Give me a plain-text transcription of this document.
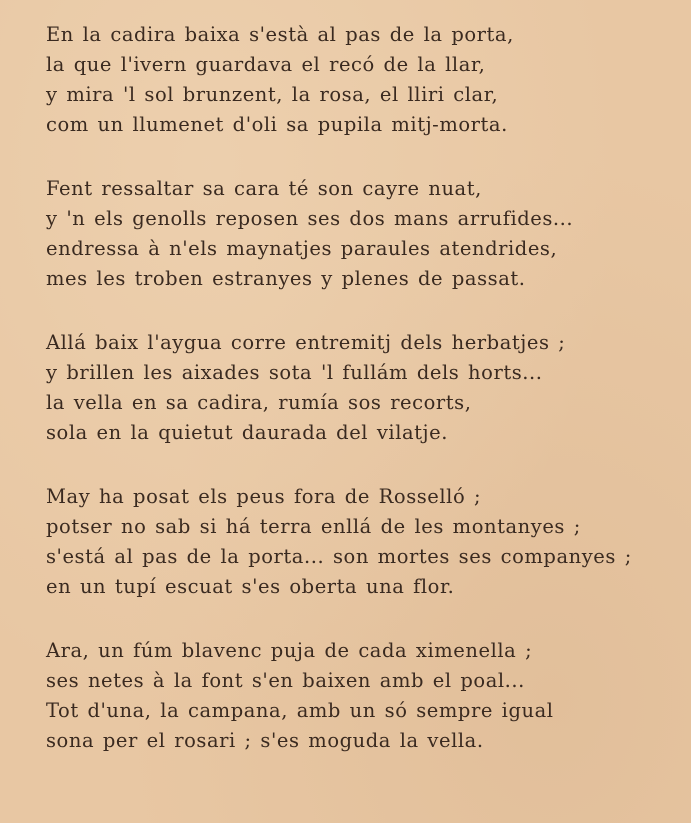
En la cadira baixa s'està al pas de la porta,
la que l'ivern guardava el recó de la llar,
y mira 'l sol brunzent, la rosa, el lliri clar,
com un llumenet d'oli sa pupila mitj-morta.
Fent ressaltar sa cara té son cayre nuat,
y 'n els genolls reposen ses dos mans arrufides...
endressa à n'els maynatjes paraules atendrides,
mes les troben estranyes y plenes de passat.
Allá baix l'aygua corre entremitj dels herbatjes ;
y brillen les aixades sota 'l fullám dels horts...
la vella en sa cadira, rumía sos recorts,
sola en la quietut daurada del vilatje.
May ha posat els peus fora de Rosselló ;
potser no sab si há terra enllá de les montanyes ;
s'está al pas de la porta... son mortes ses companyes ;
en un tupí escuat s'es oberta una flor.
Ara, un fúm blavenc puja de cada ximenella ;
ses netes à la font s'en baixen amb el poal...
Tot d'una, la campana, amb un só sempre igual
sona per el rosari ; s'es moguda la vella.
